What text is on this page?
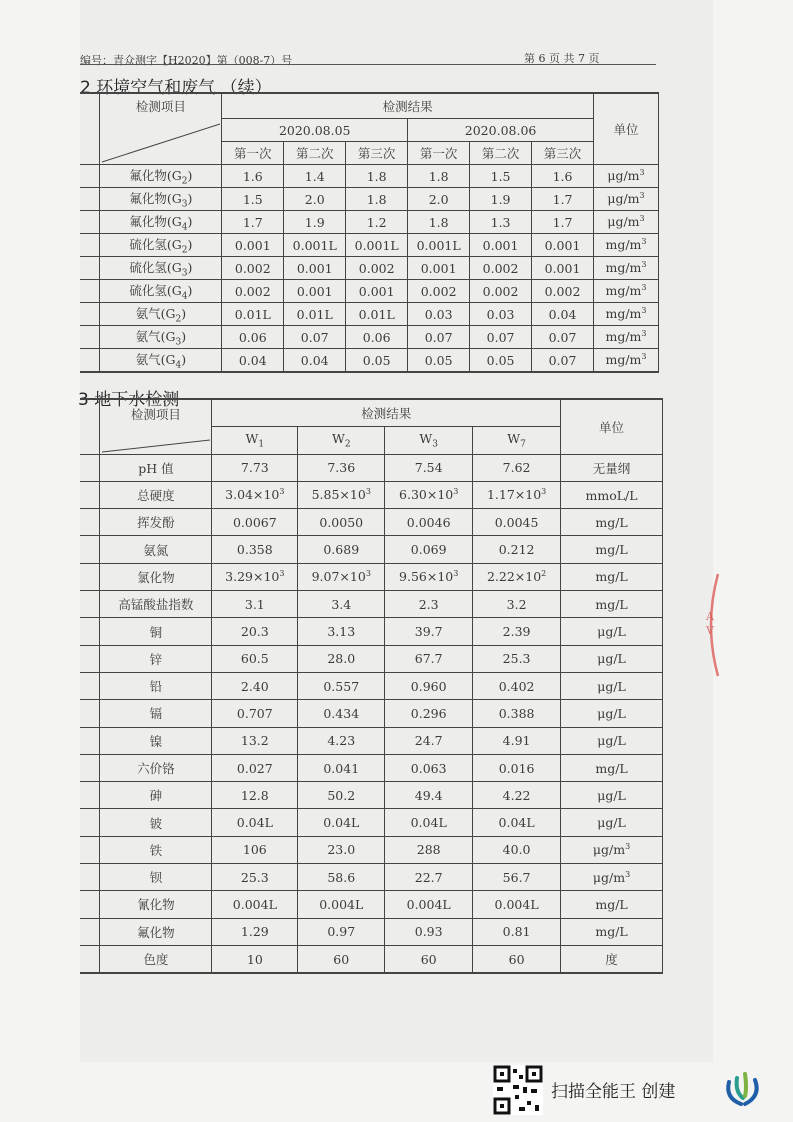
编号：青众测字【H2020】第（008-7）号	第 6 页 共 7 页
2 环境空气和废气 （续）

	检测项目	检测结果						单位
		2020.08.05			2020.08.06			
		第一次	第二次	第三次	第一次	第二次	第三次	
	氟化物$(G_2)$	1.6	1.4	1.8	1.8	1.5	1.6	$\mu g/m^3$
	氟化物$(G_3)$	1.5	2.0	1.8	2.0	1.9	1.7	$\mu g/m^3$
	氟化物$(G_4)$	1.7	1.9	1.2	1.8	1.3	1.7	$\mu g/m^3$
	硫化氢$(G_2)$	0.001	0.001L	0.001L	0.001L	0.001	0.001	$mg/m^3$
	硫化氢$(G_3)$	0.002	0.001	0.002	0.001	0.002	0.001	$mg/m^3$
	硫化氢$(G_4)$	0.002	0.001	0.001	0.002	0.002	0.002	$mg/m^3$
	氨气$(G_2)$	0.01L	0.01L	0.01L	0.03	0.03	0.04	$mg/m^3$
	氨气$(G_3)$	0.06	0.07	0.06	0.07	0.07	0.07	$mg/m^3$
	氨气$(G_4)$	0.04	0.04	0.05	0.05	0.05	0.07	$mg/m^3$
3 地下水检测

	检测项目	检测结果				单位
		$W_1$	$W_2$	$W_3$	$W_7$
	pH 值	7.73	7.36	7.54	7.62	无量纲
	总硬度	$3.04\times 10^3$	$5.85\times 10^3$	$6.30\times 10^3$	$1.17\times 10^3$	mmoL/L
	挥发酚	0.0067	0.0050	0.0046	0.0045	mg/L
	氨氮	0.358	0.689	0.069	0.212	mg/L
	氯化物	$3.29\times 10^3$	$9.07\times 10^3$	$9.56\times 10^3$	$2.22\times 10^2$	mg/L
	高锰酸盐指数	3.1	3.4	2.3	3.2	mg/L
	铜	20.3	3.13	39.7	2.39	μg/L
	锌	60.5	28.0	67.7	25.3	μg/L
	铅	2.40	0.557	0.960	0.402	μg/L
	镉	0.707	0.434	0.296	0.388	μg/L
	镍	13.2	4.23	24.7	4.91	μg/L
	六价铬	0.027	0.041	0.063	0.016	mg/L
	砷	12.8	50.2	49.4	4.22	μg/L
	铍	0.04L	0.04L	0.04L	0.04L	μg/L
	铁	106	23.0	288	40.0	$\mu g/m^3$
	钡	25.3	58.6	22.7	56.7	$\mu g/m^3$
	氰化物	0.004L	0.004L	0.004L	0.004L	mg/L
	氟化物	1.29	0.97	0.93	0.81	mg/L
	色度	10	60	60	60	度
A
V
扫描全能王 创建
